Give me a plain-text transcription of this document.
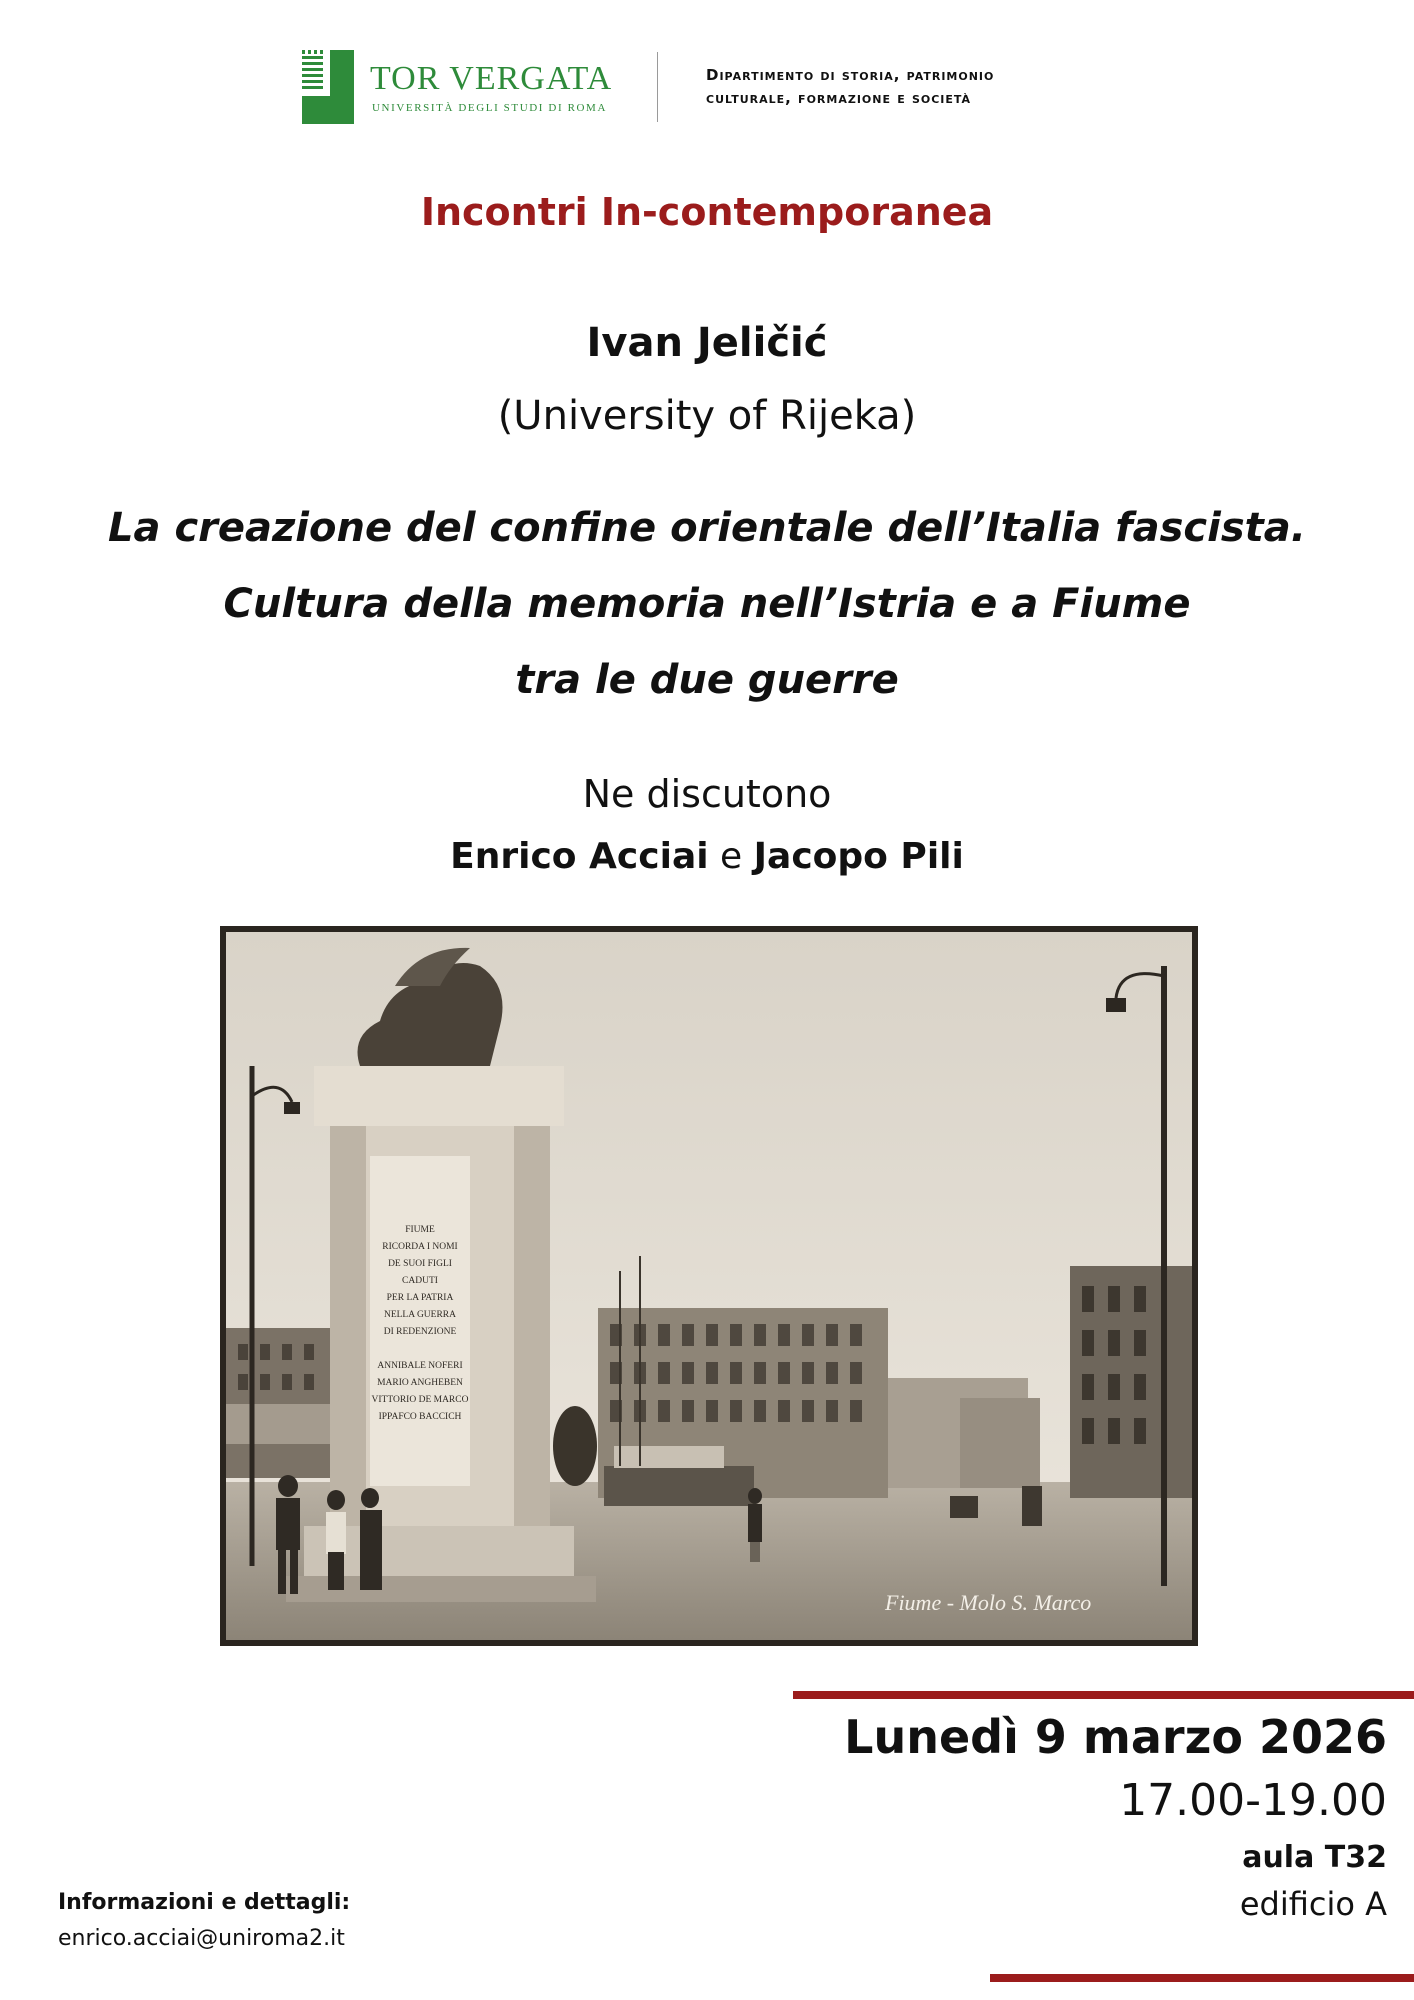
TOR VERGATA
UNIVERSITÀ DEGLI STUDI DI ROMA
Dipartimento di storia, patrimonio
culturale, formazione e società
Incontri In-contemporanea
Ivan Jeličić
(University of Rijeka)
La creazione del confine orientale dell’Italia fascista.
Cultura della memoria nell’Istria e a Fiume
tra le due guerre
Ne discutono
Enrico Acciai e Jacopo Pili
FIUME
RICORDA I NOMI
DE SUOI FIGLI
CADUTI
PER LA PATRIA
NELLA GUERRA
DI REDENZIONE
ANNIBALE NOFERI
MARIO ANGHEBEN
VITTORIO DE MARCO
IPPAFCO BACCICH
Fiume - Molo S. Marco
Lunedì 9 marzo 2026
17.00-19.00
aula T32
edificio A
Informazioni e dettagli:
enrico.acciai@uniroma2.it
